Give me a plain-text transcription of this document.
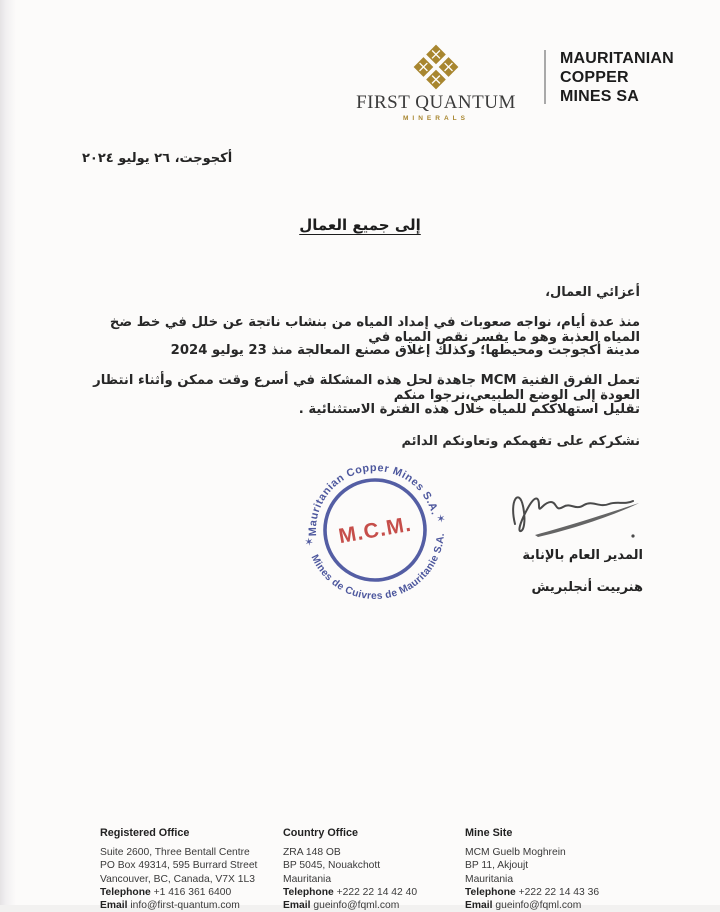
FIRST QUANTUM
MINERALS
MAURITANIAN
COPPER
MINES SA
أكجوجت، ٢٦ يوليو ٢٠٢٤
إلى جميع العمال
أعزائي العمال،
منذ عدة أيام، نواجه صعوبات في إمداد المياه من بنشاب ناتجة عن خلل في خط ضخ المياه العذبة وهو ما يفسر نقص المياه في
مدينة أكجوجت ومحيطها؛ وكذلك إغلاق مصنع المعالجة منذ 23 يوليو 2024
تعمل الفرق الفنية MCM جاهدة لحل هذه المشكلة في أسرع وقت ممكن وأثناء انتظار العودة إلى الوضع الطبيعي،نرجوا منكم
تقليل استهلاككم للمياه خلال هذه الفترة الاستثنائية .
نشكركم على تفهمكم وتعاونكم الدائم
Mauritanian Copper Mines S.A.
Mines de Cuivres de Mauritanie S.A.
✶
✶
M.C.M.
المدير العام بالإنابة
هنرييت أنجلبريش
Registered Office
Suite 2600, Three Bentall Centre
PO Box 49314, 595 Burrard Street
Vancouver, BC, Canada, V7X 1L3
Telephone +1 416 361 6400
Email info@first-quantum.com
Country Office
ZRA 148 OB
BP 5045, Nouakchott
Mauritania
Telephone +222 22 14 42 40
Email gueinfo@fqml.com
Mine Site
MCM Guelb Moghrein
BP 11, Akjoujt
Mauritania
Telephone +222 22 14 43 36
Email gueinfo@fqml.com
